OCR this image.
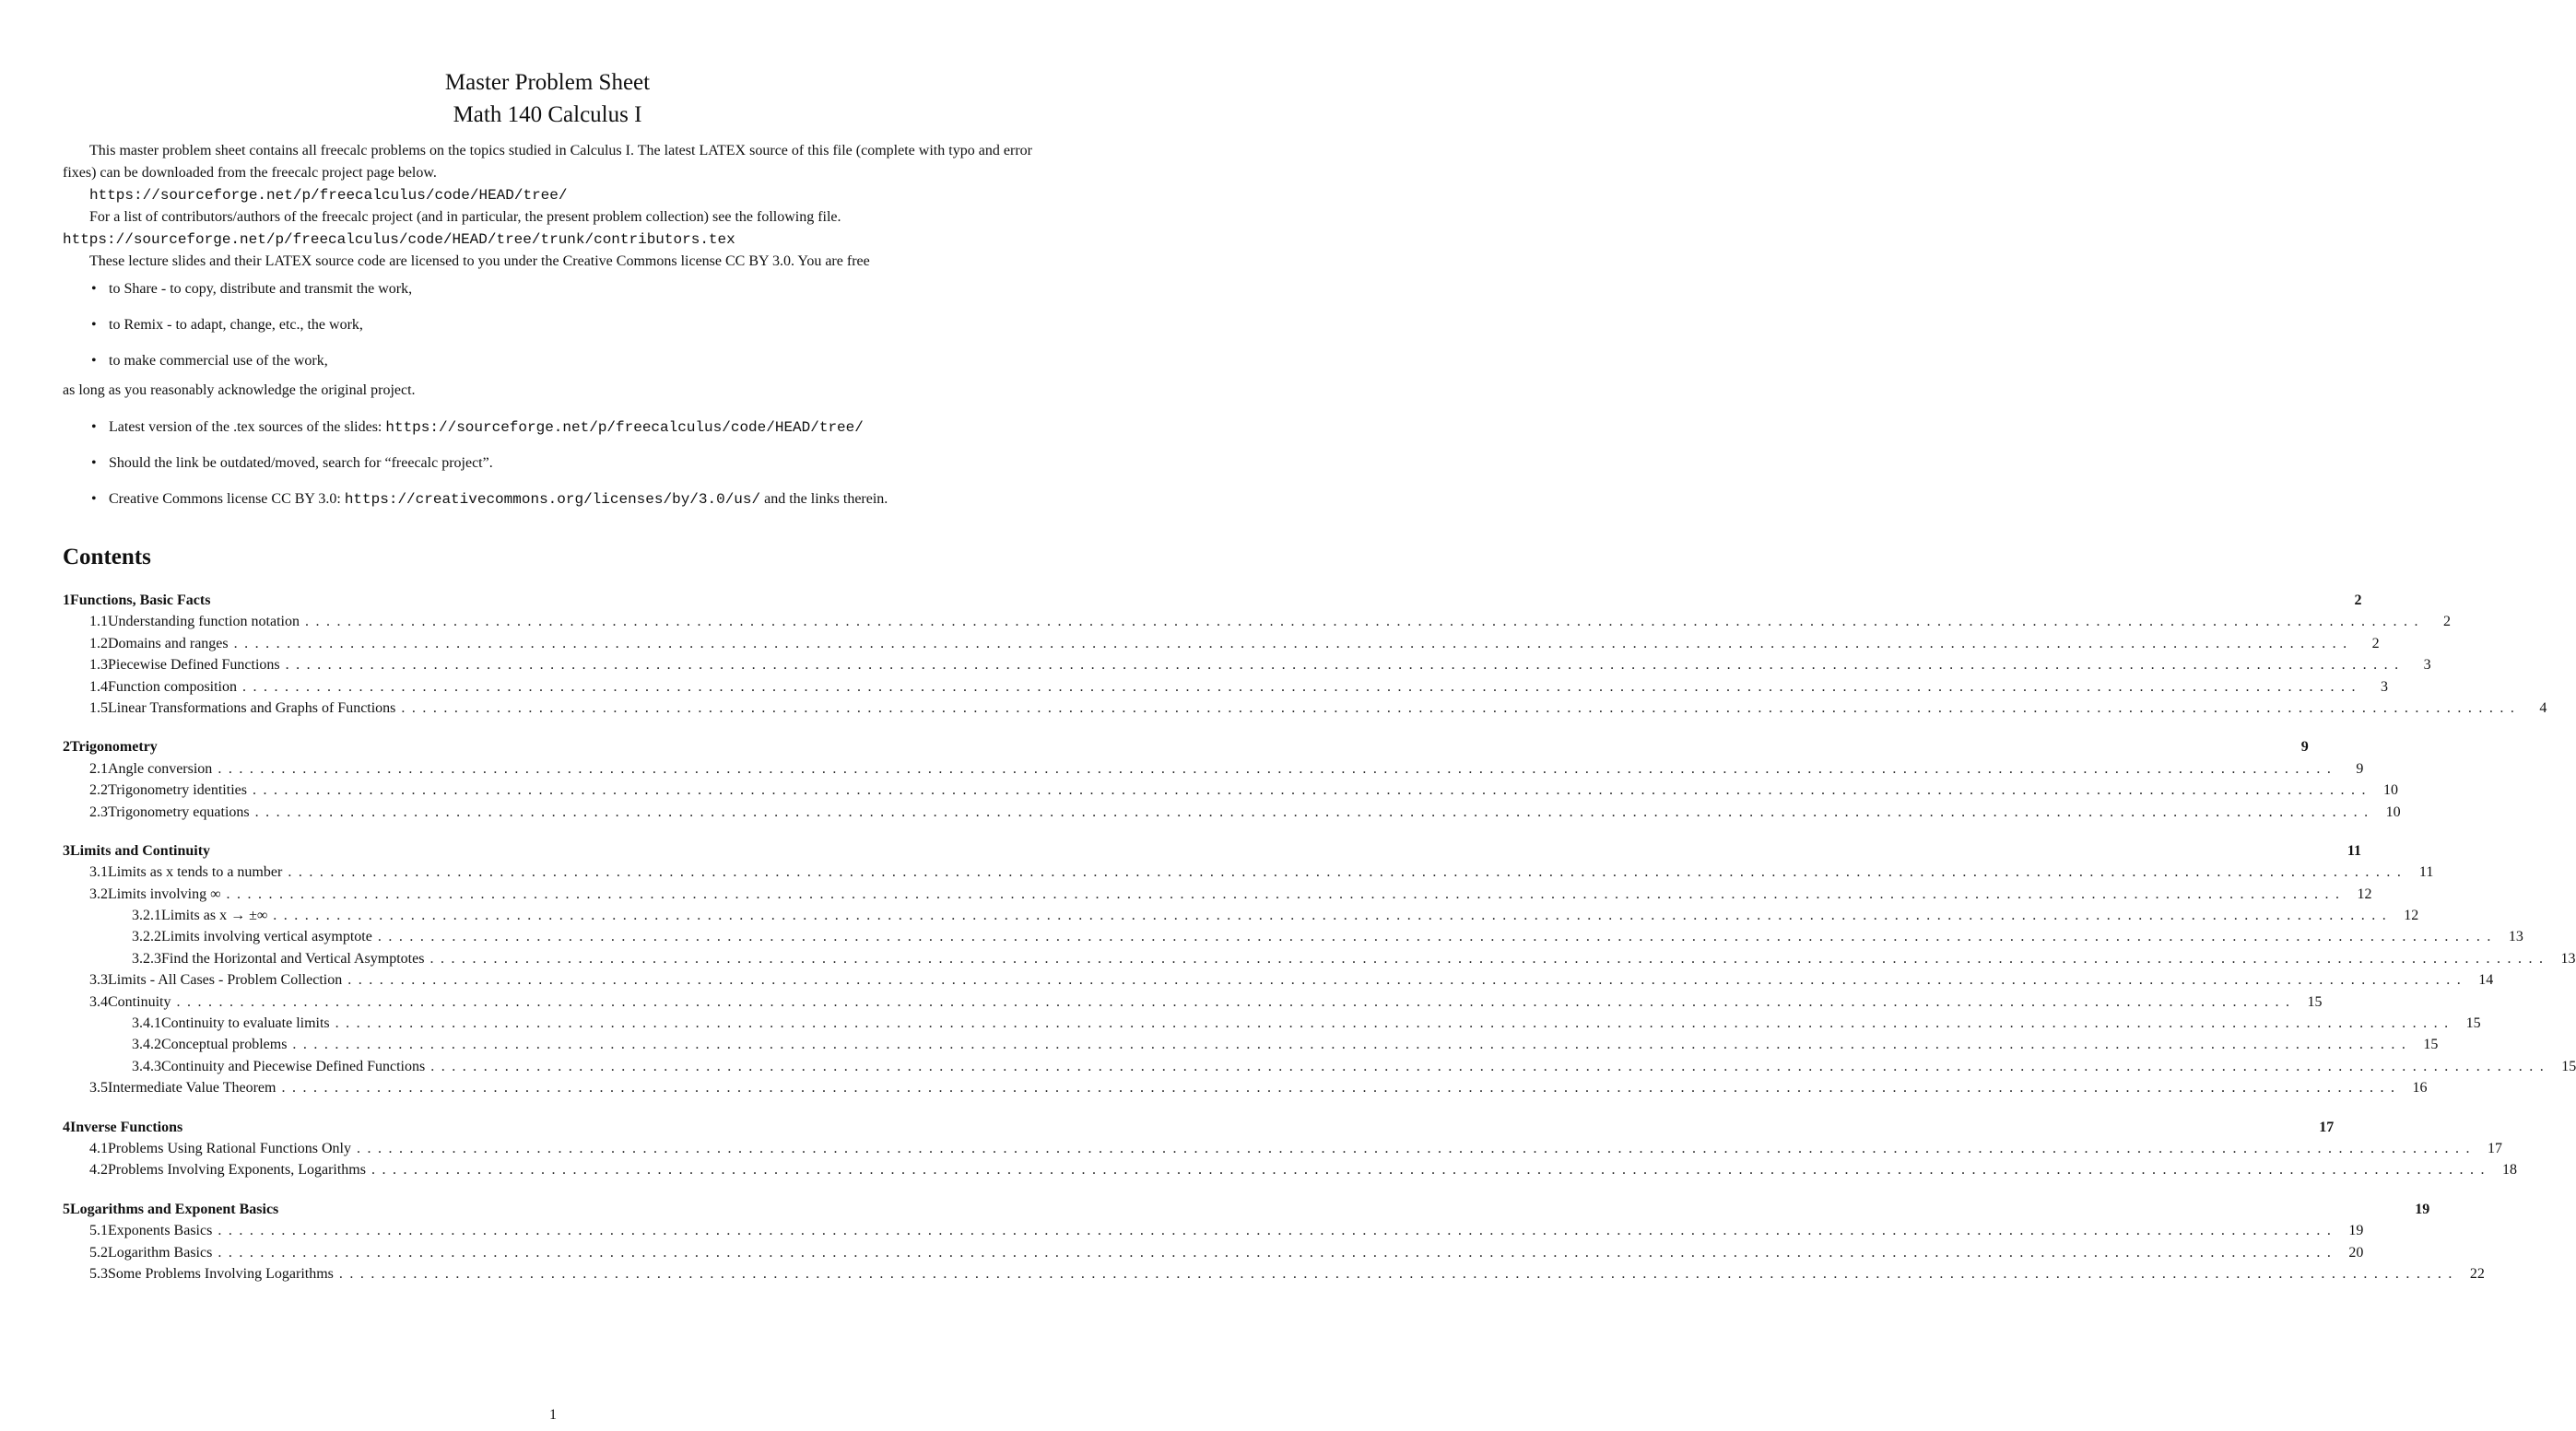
Master Problem Sheet
Math 140 Calculus I

This master problem sheet contains all freecalc problems on the topics studied in Calculus I. The latest LATEX source of this file (complete with typo and error fixes) can be downloaded from the freecalc project page below.

https://sourceforge.net/p/freecalculus/code/HEAD/tree/

For a list of contributors/authors of the freecalc project (and in particular, the present problem collection) see the following file.

https://sourceforge.net/p/freecalculus/code/HEAD/tree/trunk/contributors.tex

These lecture slides and their LATEX source code are licensed to you under the Creative Commons license CC BY 3.0. You are free

• to Share - to copy, distribute and transmit the work,
• to Remix - to adapt, change, etc., the work,
• to make commercial use of the work,

as long as you reasonably acknowledge the original project.

• Latest version of the .tex sources of the slides: https://sourceforge.net/p/freecalculus/code/HEAD/tree/
• Should the link be outdated/moved, search for “freecalc project”.
• Creative Commons license CC BY 3.0: https://creativecommons.org/licenses/by/3.0/us/ and the links therein.
Contents
1 Functions, Basic Facts	2
1.1 Understanding function notation ........................................................................................................................................................................................................	2
1.2 Domains and ranges ........................................................................................................................................................................................................	2
1.3 Piecewise Defined Functions ........................................................................................................................................................................................................	3
1.4 Function composition ........................................................................................................................................................................................................	3
1.5 Linear Transformations and Graphs of Functions ........................................................................................................................................................................................................	4
2 Trigonometry	9
2.1 Angle conversion ........................................................................................................................................................................................................	9
2.2 Trigonometry identities ........................................................................................................................................................................................................ 10
2.3 Trigonometry equations ........................................................................................................................................................................................................ 10
3 Limits and Continuity	11
3.1 Limits as x tends to a number ........................................................................................................................................................................................................ 11
3.2 Limits involving ∞ ........................................................................................................................................................................................................ 12
3.2.1 Limits as x → ±∞ ........................................................................................................................................................................................................ 12
3.2.2 Limits involving vertical asymptote ........................................................................................................................................................................................................ 13
3.2.3 Find the Horizontal and Vertical Asymptotes ........................................................................................................................................................................................................ 13
3.3 Limits - All Cases - Problem Collection ........................................................................................................................................................................................................ 14
3.4 Continuity ........................................................................................................................................................................................................ 15
3.4.1 Continuity to evaluate limits ........................................................................................................................................................................................................ 15
3.4.2 Conceptual problems ........................................................................................................................................................................................................ 15
3.4.3 Continuity and Piecewise Defined Functions ........................................................................................................................................................................................................ 15
3.5 Intermediate Value Theorem ........................................................................................................................................................................................................ 16
4 Inverse Functions	17
4.1 Problems Using Rational Functions Only ........................................................................................................................................................................................................ 17
4.2 Problems Involving Exponents, Logarithms ........................................................................................................................................................................................................ 18
5 Logarithms and Exponent Basics	19
5.1 Exponents Basics ........................................................................................................................................................................................................ 19
5.2 Logarithm Basics ........................................................................................................................................................................................................ 20
5.3 Some Problems Involving Logarithms ........................................................................................................................................................................................................ 22
1
